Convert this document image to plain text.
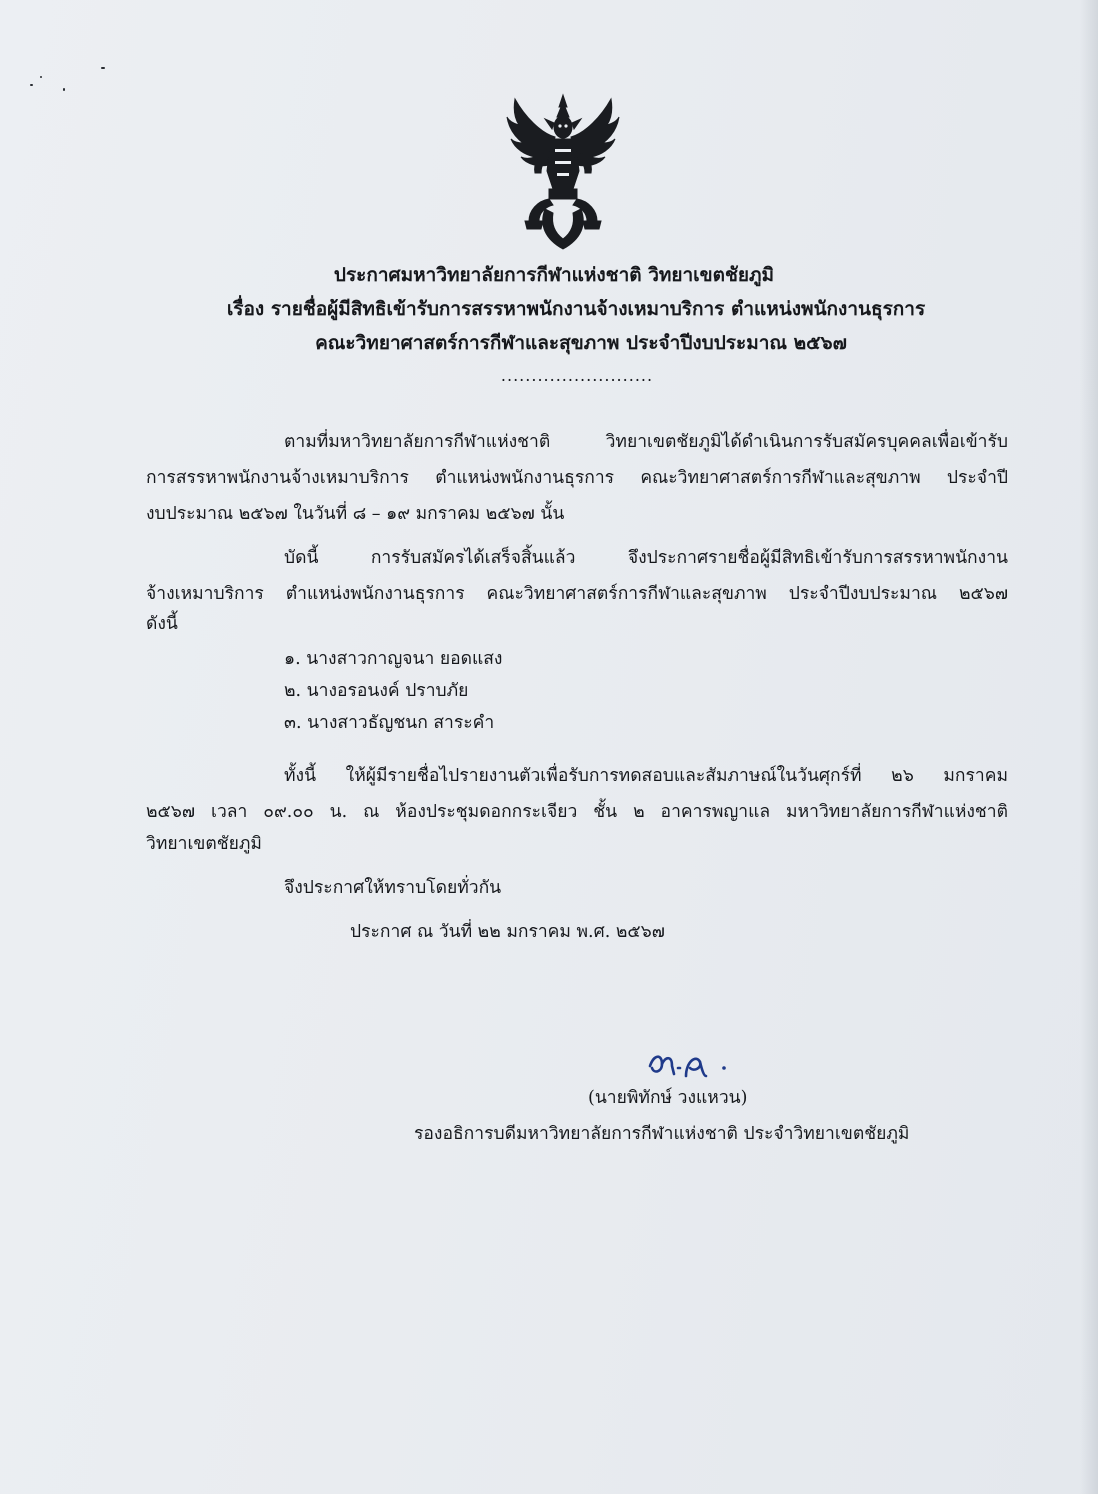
ประกาศมหาวิทยาลัยการกีฬาแห่งชาติ วิทยาเขตชัยภูมิ
เรื่อง รายชื่อผู้มีสิทธิเข้ารับการสรรหาพนักงานจ้างเหมาบริการ ตำแหน่งพนักงานธุรการ
คณะวิทยาศาสตร์การกีฬาและสุขภาพ ประจำปีงบประมาณ ๒๕๖๗
.........................
ตามที่มหาวิทยาลัยการกีฬาแห่งชาติ วิทยาเขตชัยภูมิได้ดำเนินการรับสมัครบุคคลเพื่อเข้ารับ
การสรรหาพนักงานจ้างเหมาบริการ ตำแหน่งพนักงานธุรการ คณะวิทยาศาสตร์การกีฬาและสุขภาพ ประจำปี
งบประมาณ ๒๕๖๗ ในวันที่ ๘ – ๑๙ มกราคม ๒๕๖๗ นั้น
บัดนี้ การรับสมัครได้เสร็จสิ้นแล้ว จึงประกาศรายชื่อผู้มีสิทธิเข้ารับการสรรหาพนักงาน
จ้างเหมาบริการ ตำแหน่งพนักงานธุรการ คณะวิทยาศาสตร์การกีฬาและสุขภาพ ประจำปีงบประมาณ ๒๕๖๗
ดังนี้
๑. นางสาวกาญจนา ยอดแสง
๒. นางอรอนงค์ ปราบภัย
๓. นางสาวธัญชนก สาระคำ
ทั้งนี้ ให้ผู้มีรายชื่อไปรายงานตัวเพื่อรับการทดสอบและสัมภาษณ์ในวันศุกร์ที่ ๒๖ มกราคม
๒๕๖๗ เวลา ๐๙.๐๐ น. ณ ห้องประชุมดอกกระเจียว ชั้น ๒ อาคารพญาแล มหาวิทยาลัยการกีฬาแห่งชาติ
วิทยาเขตชัยภูมิ
จึงประกาศให้ทราบโดยทั่วกัน
ประกาศ ณ วันที่ ๒๒ มกราคม พ.ศ. ๒๕๖๗
(นายพิทักษ์ วงแหวน)
รองอธิการบดีมหาวิทยาลัยการกีฬาแห่งชาติ ประจำวิทยาเขตชัยภูมิ
